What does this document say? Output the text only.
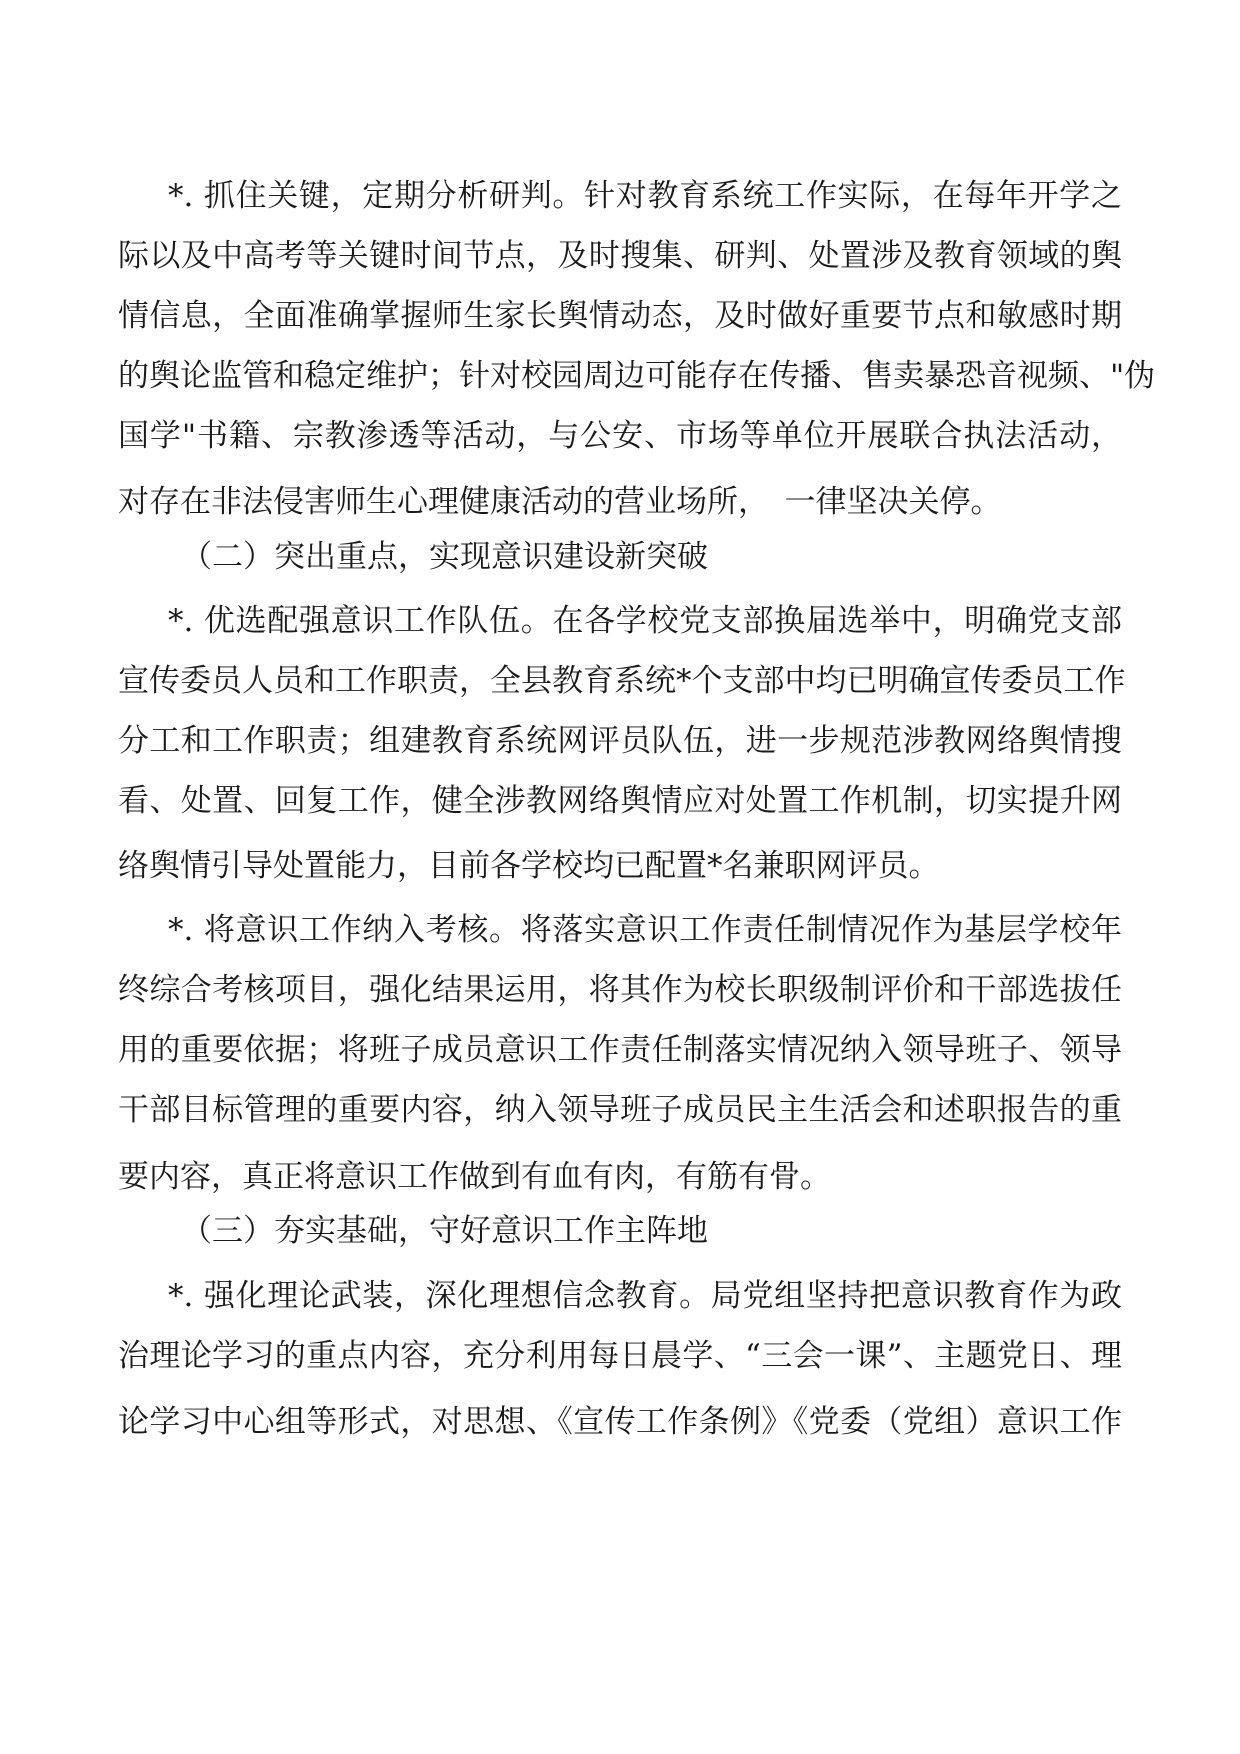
*. 抓住关键，定期分析研判。针对教育系统工作实际，在每年开学之
际以及中高考等关键时间节点，及时搜集、研判、处置涉及教育领域的舆
情信息，全面准确掌握师生家长舆情动态，及时做好重要节点和敏感时期
的舆论监管和稳定维护；针对校园周边可能存在传播、售卖暴恐音视频、"伪
国学"书籍、宗教渗透等活动，与公安、市场等单位开展联合执法活动，
对存在非法侵害师生心理健康活动的营业场所，　一律坚决关停。
（二）突出重点，实现意识建设新突破
*. 优选配强意识工作队伍。在各学校党支部换届选举中，明确党支部
宣传委员人员和工作职责，全县教育系统*个支部中均已明确宣传委员工作
分工和工作职责；组建教育系统网评员队伍，进一步规范涉教网络舆情搜
看、处置、回复工作，健全涉教网络舆情应对处置工作机制，切实提升网
络舆情引导处置能力，目前各学校均已配置*名兼职网评员。
*. 将意识工作纳入考核。将落实意识工作责任制情况作为基层学校年
终综合考核项目，强化结果运用，将其作为校长职级制评价和干部选拔任
用的重要依据；将班子成员意识工作责任制落实情况纳入领导班子、领导
干部目标管理的重要内容，纳入领导班子成员民主生活会和述职报告的重
要内容，真正将意识工作做到有血有肉，有筋有骨。
（三）夯实基础，守好意识工作主阵地
*. 强化理论武装，深化理想信念教育。局党组坚持把意识教育作为政
治理论学习的重点内容，充分利用每日晨学、“三会一课”、主题党日、理
论学习中心组等形式，对思想、《宣传工作条例》《党委（党组）意识工作
